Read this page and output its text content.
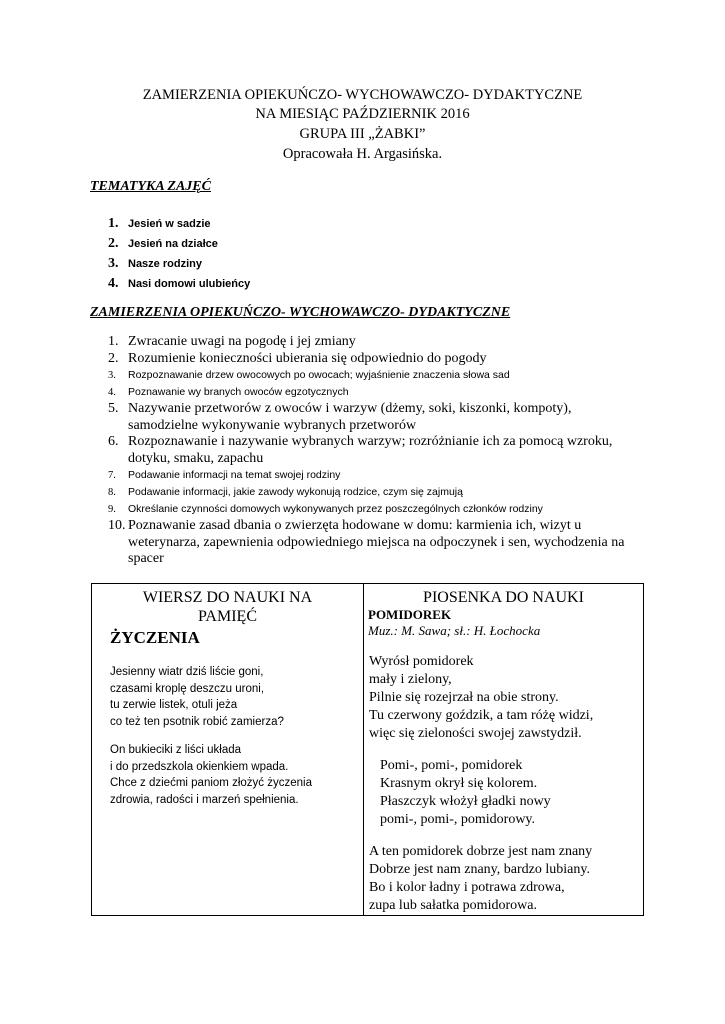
ZAMIERZENIA OPIEKUŃCZO- WYCHOWAWCZO- DYDAKTYCZNE
NA MIESIĄC PAŹDZIERNIK 2016
GRUPA III „ŻABKI”
Opracowała H. Argasińska.
TEMATYKA ZAJĘĆ
1. Jesień w sadzie
2. Jesień na działce
3. Nasze rodziny
4. Nasi domowi ulubieńcy
ZAMIERZENIA OPIEKUŃCZO- WYCHOWAWCZO- DYDAKTYCZNE
1. Zwracanie uwagi na pogodę i jej zmiany
2. Rozumienie konieczności ubierania się odpowiednio do pogody
3. Rozpoznawanie drzew owocowych po owocach; wyjaśnienie znaczenia słowa sad
4. Poznawanie wy branych owoców egzotycznych
5. Nazywanie przetworów z owoców i warzyw (dżemy, soki, kiszonki, kompoty), samodzielne wykonywanie wybranych przetworów
6. Rozpoznawanie i nazywanie wybranych warzyw; rozróżnianie ich za pomocą wzroku, dotyku, smaku, zapachu
7. Podawanie informacji na temat swojej rodziny
8. Podawanie informacji, jakie zawody wykonują rodzice, czym się zajmują
9. Określanie czynności domowych wykonywanych przez poszczególnych członków rodziny
10. Poznawanie zasad dbania o zwierzęta hodowane w domu: karmienia ich, wizyt u weterynarza, zapewnienia odpowiedniego miejsca na odpoczynek i sen, wychodzenia na spacer
WIERSZ DO NAUKI NA
PAMIĘĆ
ŻYCZENIA
Jesienny wiatr dziś liście goni,
czasami kroplę deszczu uroni,
tu zerwie listek, otuli jeża
co też ten psotnik robić zamierza?
On bukieciki z liści układa
i do przedszkola okienkiem wpada.
Chce z dziećmi paniom złożyć życzenia
zdrowia, radości i marzeń spełnienia.

PIOSENKA DO NAUKI
POMIDOREK
Muz.: M. Sawa; sł.: H. Łochocka
Wyrósł pomidorek
mały i zielony,
Pilnie się rozejrzał na obie strony.
Tu czerwony goździk, a tam różę widzi,
więc się zieloności swojej zawstydził.
Pomi-, pomi-, pomidorek
Krasnym okrył się kolorem.
Płaszczyk włożył gładki nowy
pomi-, pomi-, pomidorowy.
A ten pomidorek dobrze jest nam znany
Dobrze jest nam znany, bardzo lubiany.
Bo i kolor ładny i potrawa zdrowa,
zupa lub sałatka pomidorowa.
